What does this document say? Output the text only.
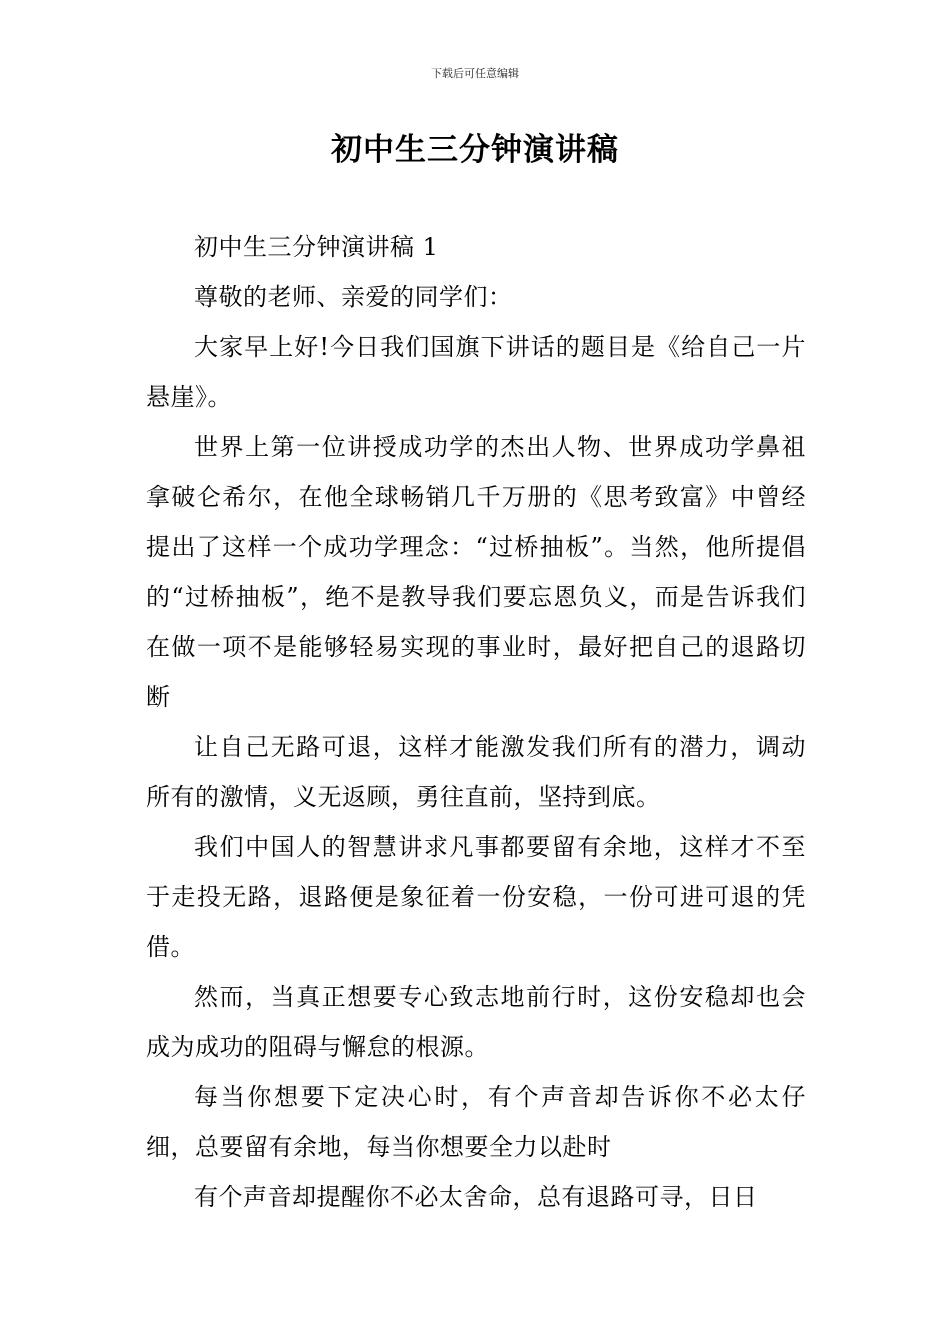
下载后可任意编辑
初中生三分钟演讲稿

初中生三分钟演讲稿 1

尊敬的老师、亲爱的同学们：

大家早上好!今日我们国旗下讲话的题目是《给自己一片悬崖》。

世界上第一位讲授成功学的杰出人物、世界成功学鼻祖拿破仑希尔，在他全球畅销几千万册的《思考致富》中曾经提出了这样一个成功学理念：“过桥抽板”。当然，他所提倡的“过桥抽板”，绝不是教导我们要忘恩负义，而是告诉我们在做一项不是能够轻易实现的事业时，最好把自己的退路切断

让自己无路可退，这样才能激发我们所有的潜力，调动所有的激情，义无返顾，勇往直前，坚持到底。

我们中国人的智慧讲求凡事都要留有余地，这样才不至于走投无路，退路便是象征着一份安稳，一份可进可退的凭借。

然而，当真正想要专心致志地前行时，这份安稳却也会成为成功的阻碍与懈怠的根源。

每当你想要下定决心时，有个声音却告诉你不必太仔细，总要留有余地，每当你想要全力以赴时

有个声音却提醒你不必太舍命，总有退路可寻，日日
